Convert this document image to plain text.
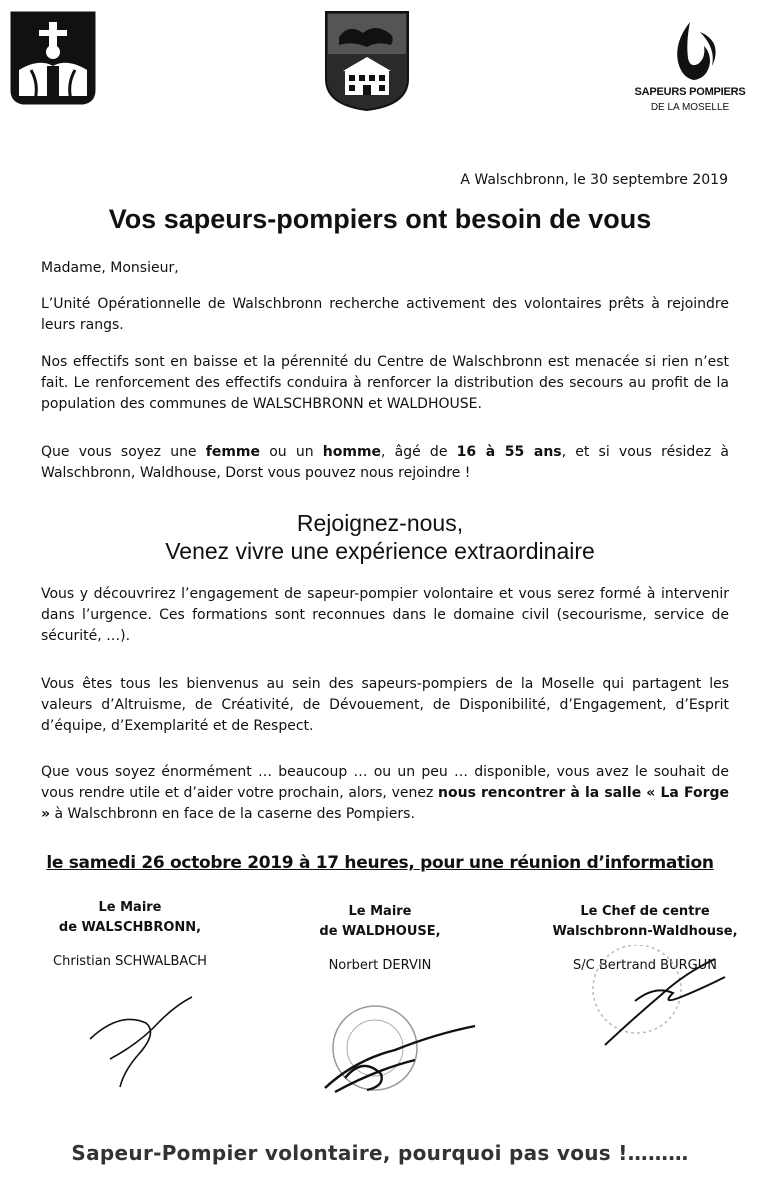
SAPEURS POMPIERS
DE LA MOSELLE
A Walschbronn, le 30 septembre 2019
Vos sapeurs-pompiers ont besoin de vous
Madame, Monsieur,
L’Unité Opérationnelle de Walschbronn recherche activement des volontaires prêts à rejoindre leurs rangs.
Nos effectifs sont en baisse et la pérennité du Centre de Walschbronn est menacée si rien n’est fait. Le renforcement des effectifs conduira à renforcer la distribution des secours au profit de la population des communes de WALSCHBRONN et WALDHOUSE.
Que vous soyez une femme ou un homme, âgé de 16 à 55 ans, et si vous résidez à Walschbronn, Waldhouse, Dorst vous pouvez nous rejoindre !
Rejoignez-nous,
Venez vivre une expérience extraordinaire
Vous y découvrirez l’engagement de sapeur-pompier volontaire et vous serez formé à intervenir dans l’urgence. Ces formations sont reconnues dans le domaine civil (secourisme, service de sécurité, …).
Vous êtes tous les bienvenus au sein des sapeurs-pompiers de la Moselle qui partagent les valeurs d’Altruisme, de Créativité, de Dévouement, de Disponibilité, d’Engagement, d’Esprit d’équipe, d’Exemplarité et de Respect.
Que vous soyez énormément … beaucoup … ou un peu … disponible, vous avez le souhait de vous rendre utile et d’aider votre prochain, alors, venez nous rencontrer à la salle « La Forge » à Walschbronn en face de la caserne des Pompiers.
le samedi 26 octobre 2019 à 17 heures, pour une réunion d’information
Le Maire
de WALSCHBRONN,
Christian SCHWALBACH
Le Maire
de WALDHOUSE,
Norbert DERVIN
Le Chef de centre
Walschbronn-Waldhouse,
S/C Bertrand BURGUN
Sapeur-Pompier volontaire, pourquoi pas vous !………
